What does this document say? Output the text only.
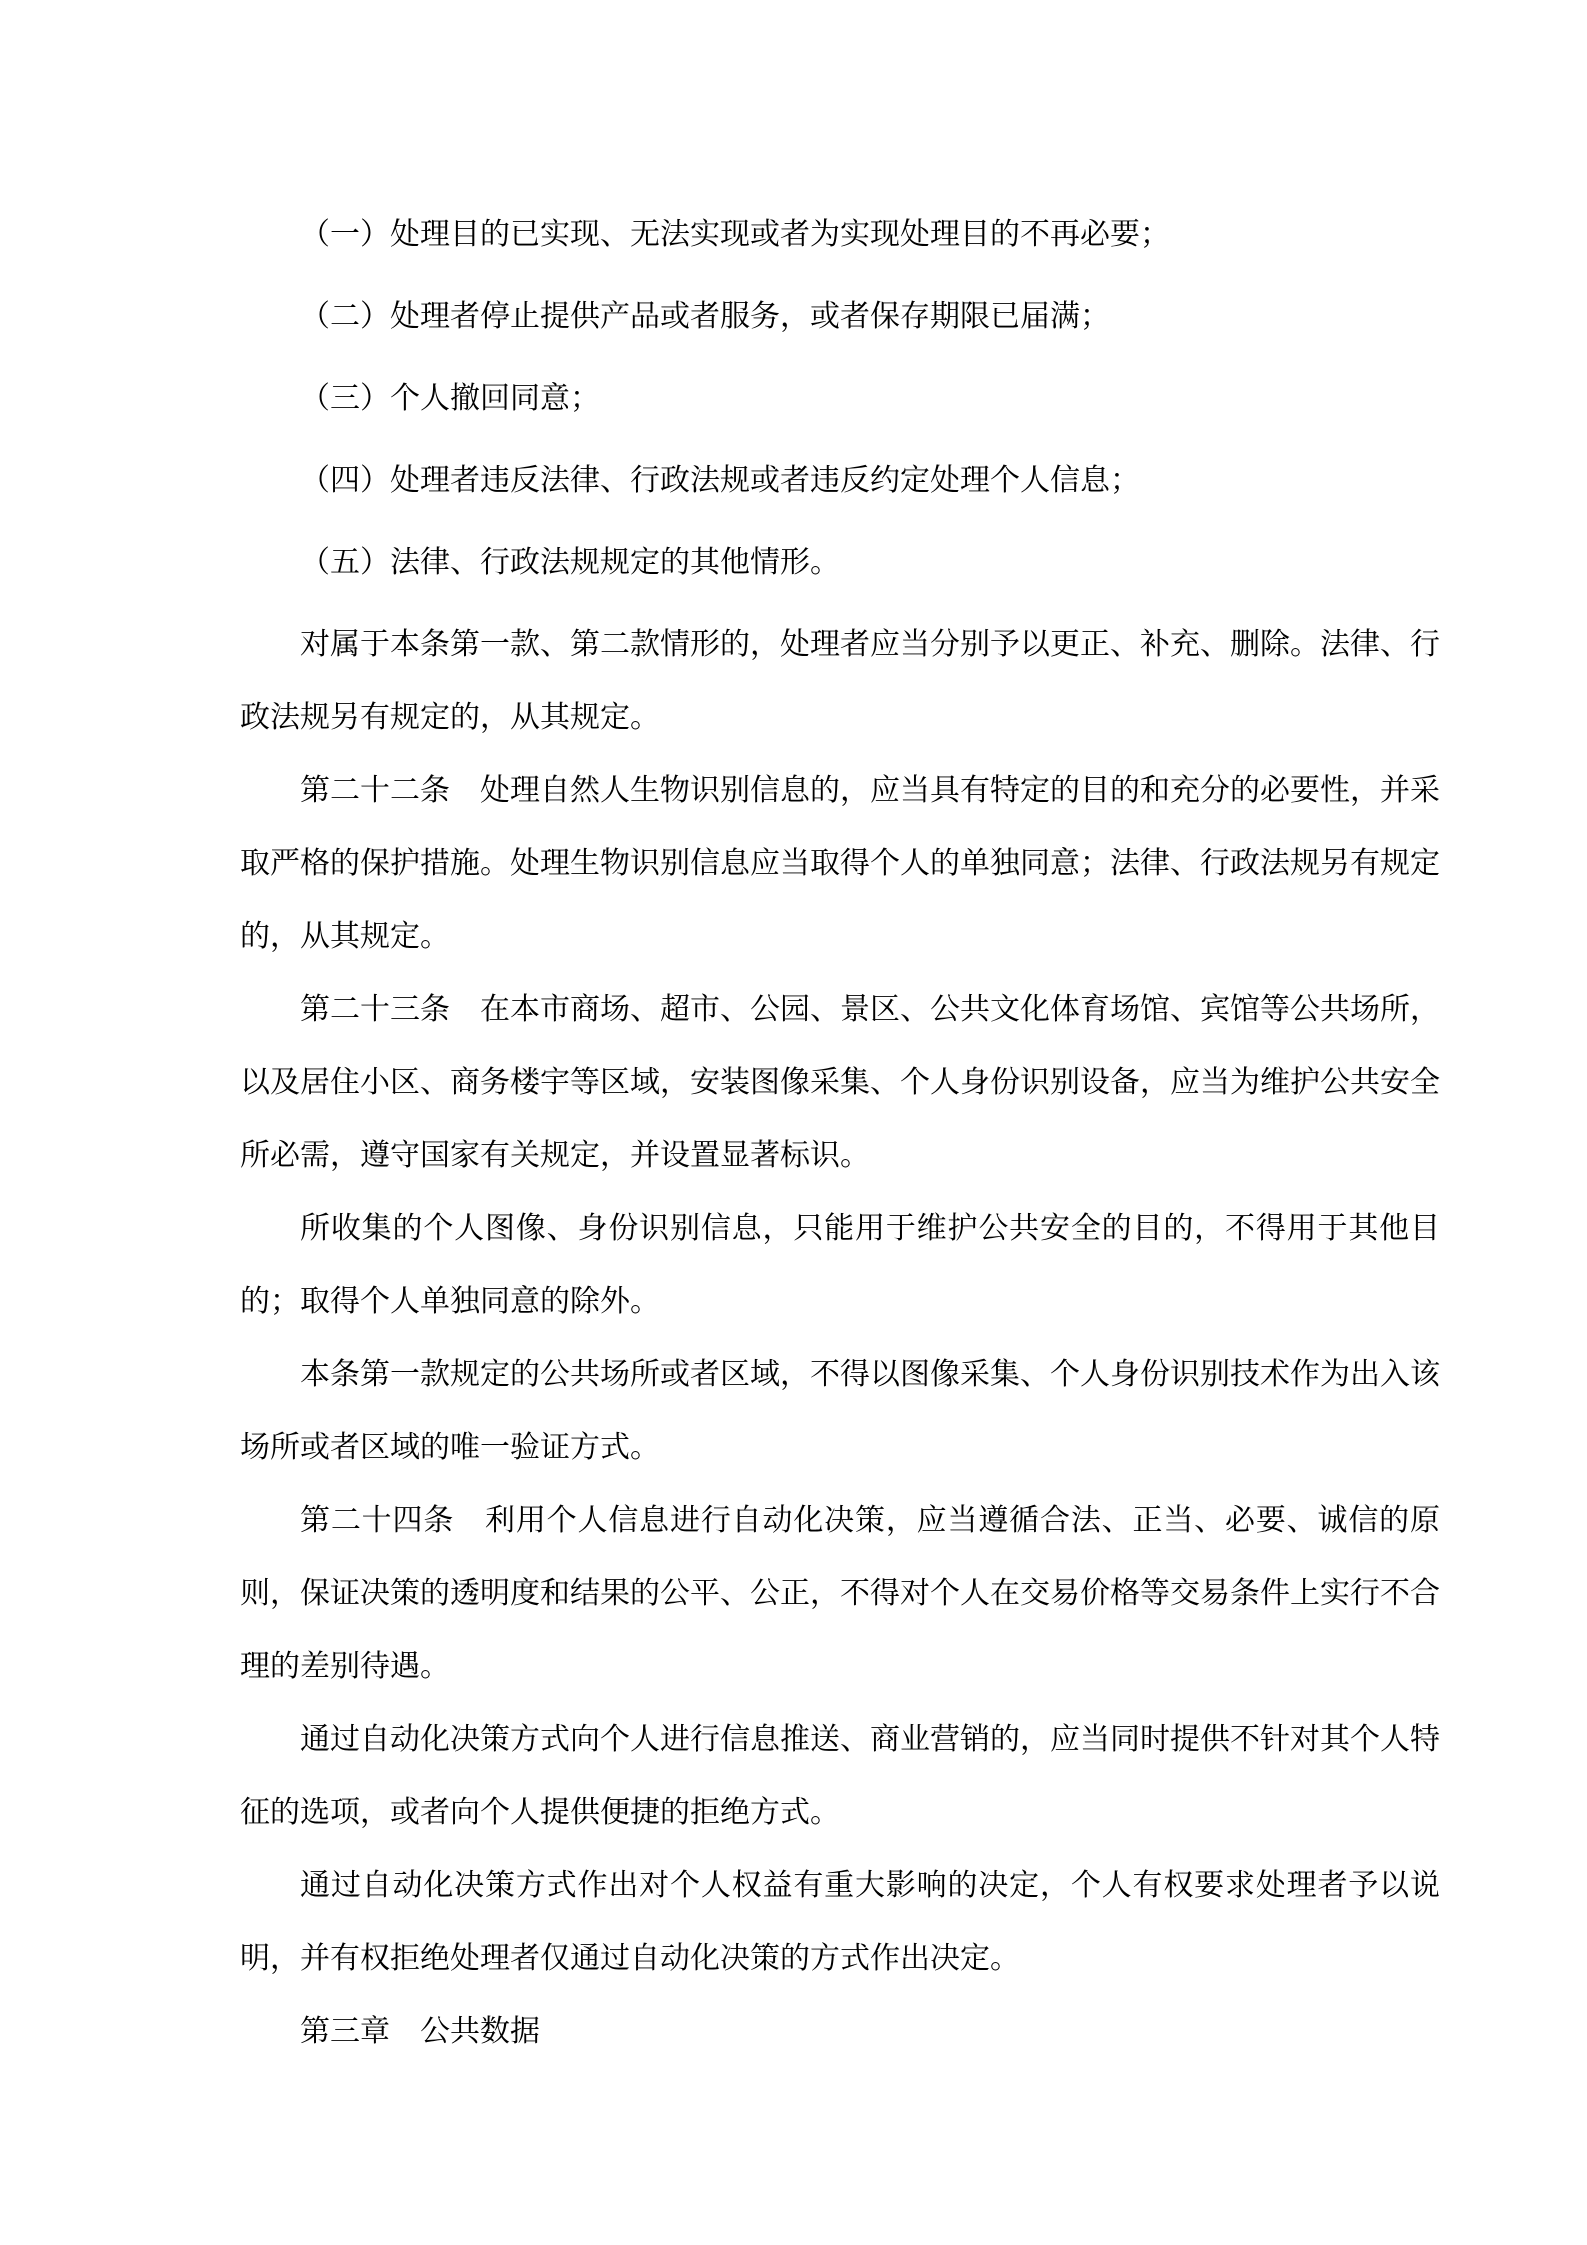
（一）处理目的已实现、无法实现或者为实现处理目的不再必要；

（二）处理者停止提供产品或者服务，或者保存期限已届满；

（三）个人撤回同意；

（四）处理者违反法律、行政法规或者违反约定处理个人信息；

（五）法律、行政法规规定的其他情形。

对属于本条第一款、第二款情形的，处理者应当分别予以更正、补充、删除。法律、行政法规另有规定的，从其规定。

第二十二条　处理自然人生物识别信息的，应当具有特定的目的和充分的必要性，并采取严格的保护措施。处理生物识别信息应当取得个人的单独同意；法律、行政法规另有规定的，从其规定。

第二十三条　在本市商场、超市、公园、景区、公共文化体育场馆、宾馆等公共场所，以及居住小区、商务楼宇等区域，安装图像采集、个人身份识别设备，应当为维护公共安全所必需，遵守国家有关规定，并设置显著标识。

所收集的个人图像、身份识别信息，只能用于维护公共安全的目的，不得用于其他目的；取得个人单独同意的除外。

本条第一款规定的公共场所或者区域，不得以图像采集、个人身份识别技术作为出入该场所或者区域的唯一验证方式。

第二十四条　利用个人信息进行自动化决策，应当遵循合法、正当、必要、诚信的原则，保证决策的透明度和结果的公平、公正，不得对个人在交易价格等交易条件上实行不合理的差别待遇。

通过自动化决策方式向个人进行信息推送、商业营销的，应当同时提供不针对其个人特征的选项，或者向个人提供便捷的拒绝方式。

通过自动化决策方式作出对个人权益有重大影响的决定，个人有权要求处理者予以说明，并有权拒绝处理者仅通过自动化决策的方式作出决定。

第三章　公共数据
